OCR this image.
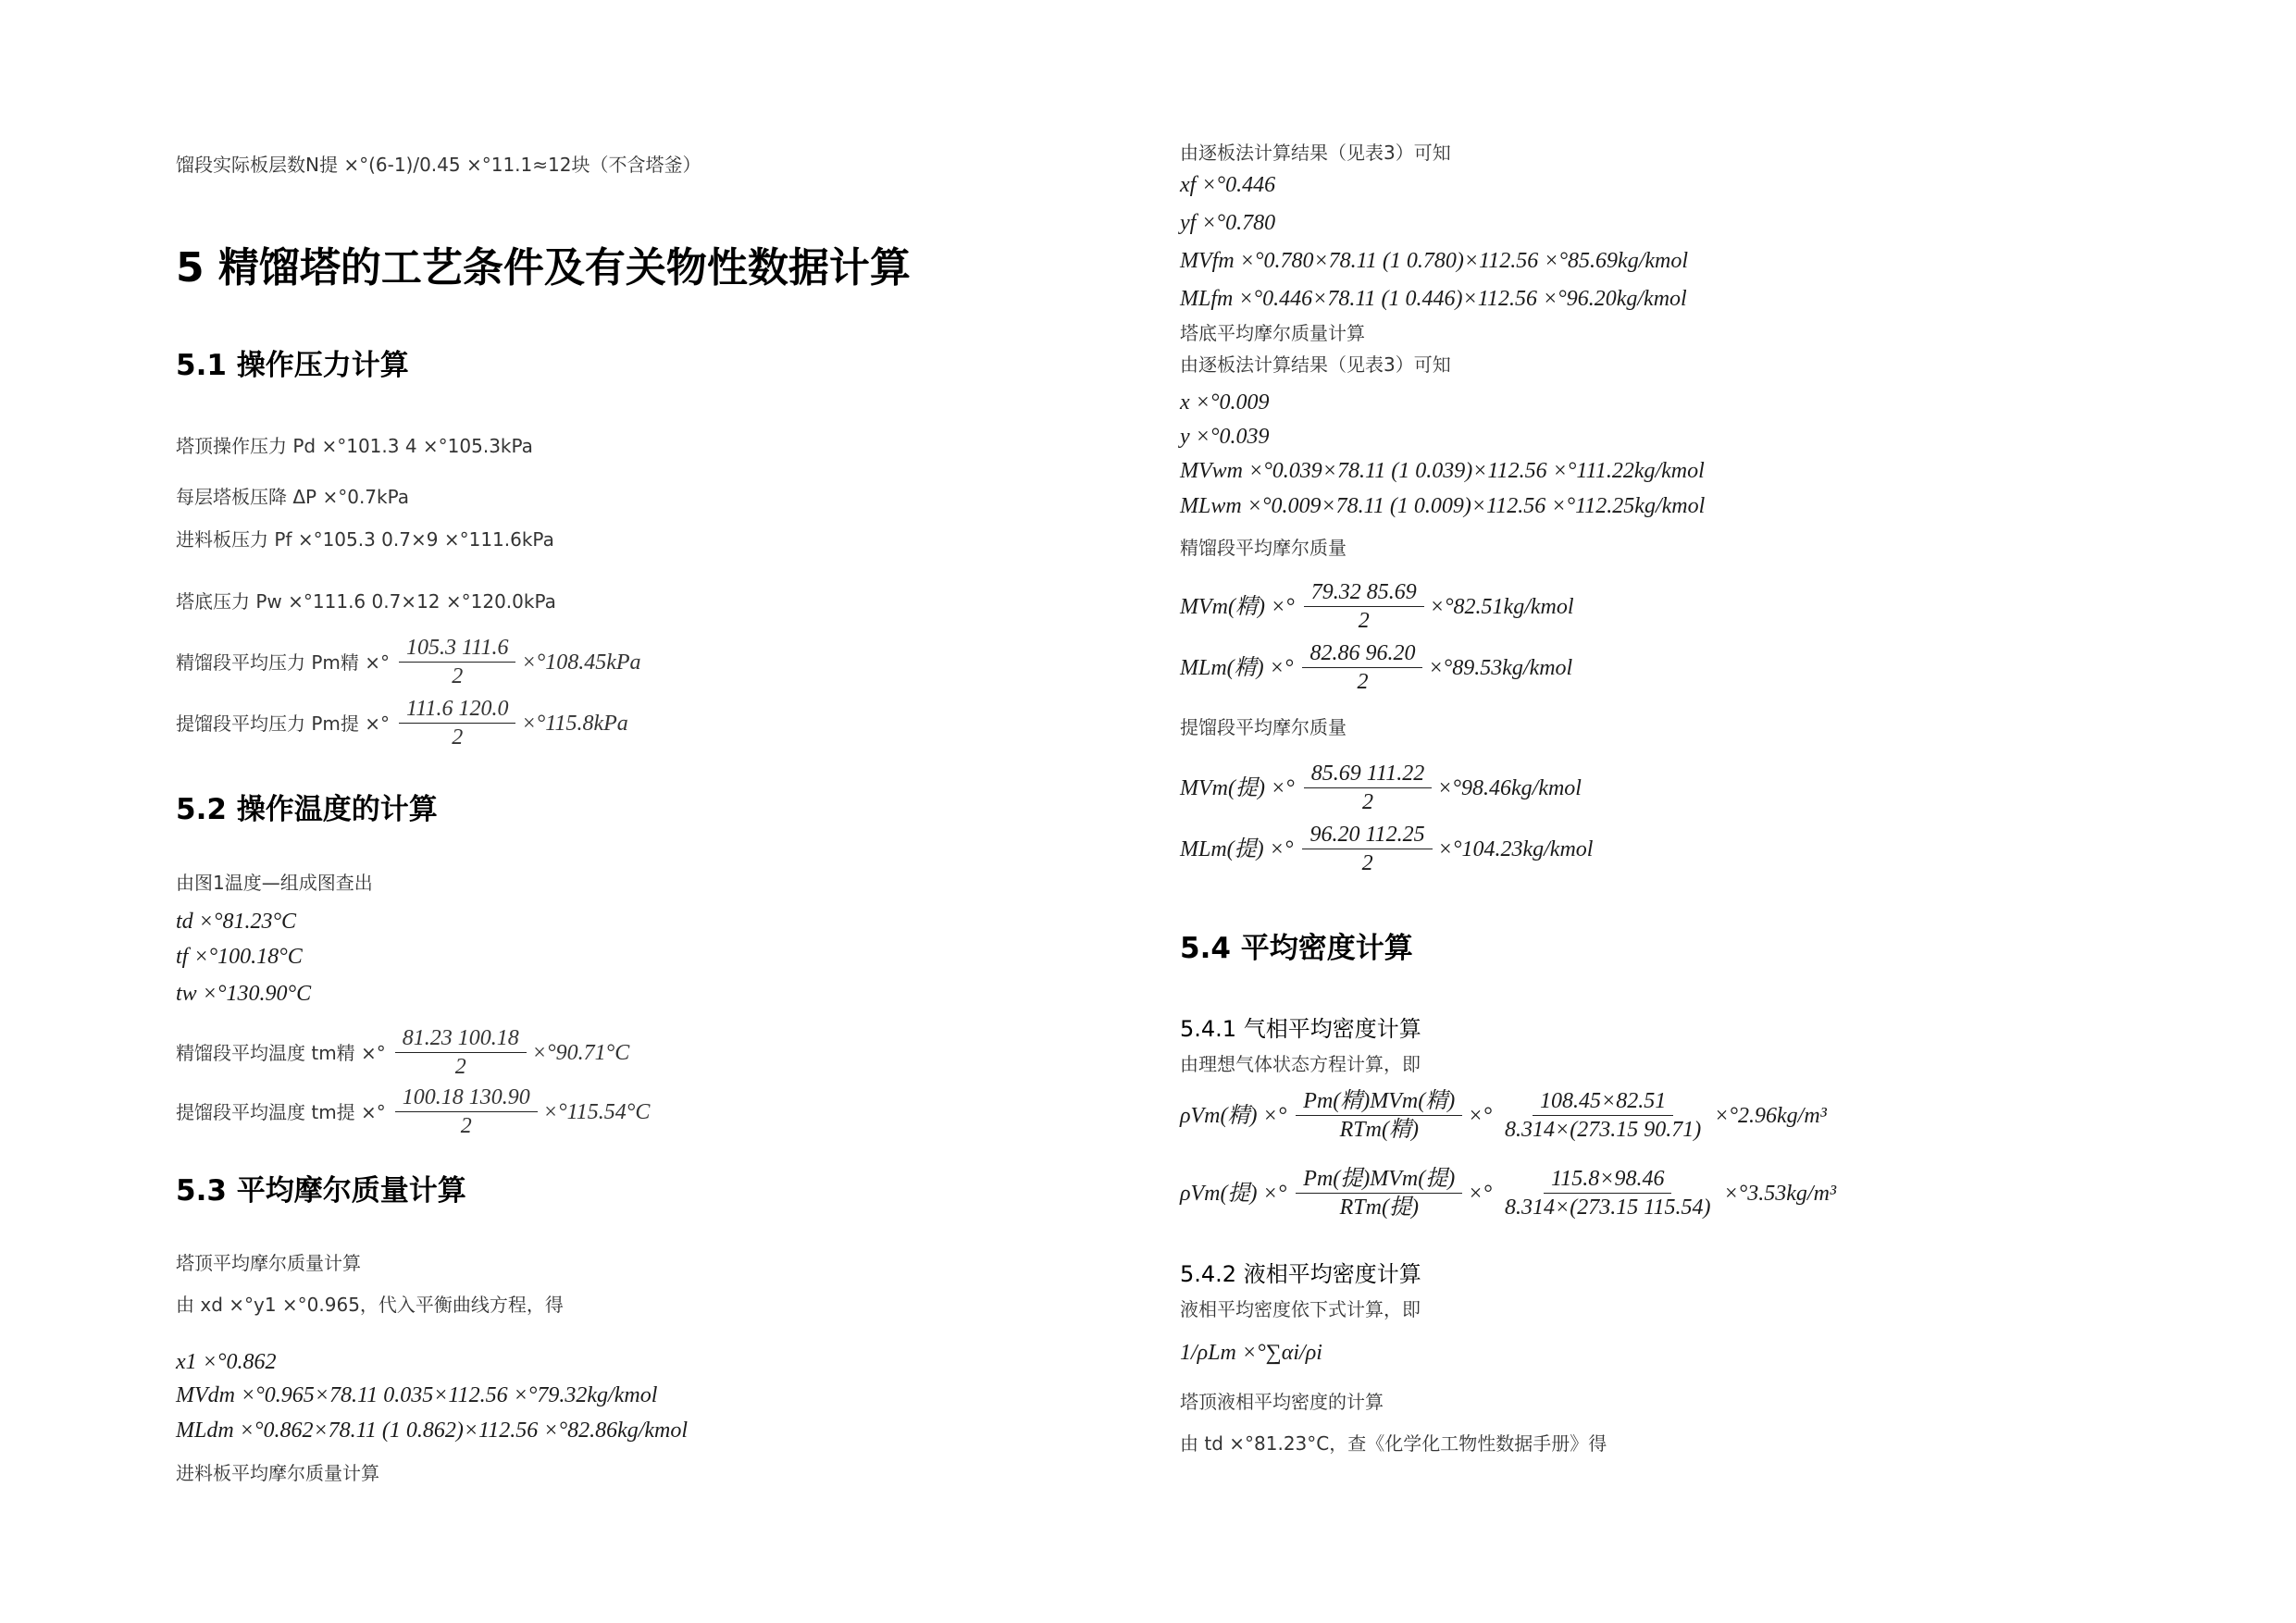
馏段实际板层数N提 ×°(6-1)/0.45 ×°11.1≈12块（不含塔釜）
5 精馏塔的工艺条件及有关物性数据计算
5.1 操作压力计算
塔顶操作压力 Pd ×°101.3 4 ×°105.3kPa
每层塔板压降 ΔP ×°0.7kPa
进料板压力 Pf ×°105.3 0.7×9 ×°111.6kPa
塔底压力 Pw ×°111.6 0.7×12 ×°120.0kPa
精馏段平均压力 Pm精 ×° $\frac{105.3 111.6}{2} \times^\circ 108.45kPa$
提馏段平均压力 Pm提 ×° $\frac{111.6 120.0}{2} \times^\circ 115.8kPa$
5.2 操作温度的计算
由图1温度—组成图查出
td ×°81.23°C
tf ×°100.18°C
tw ×°130.90°C
精馏段平均温度 tm精 ×° $\frac{81.23 100.18}{2} \times^\circ 90.71^\circ C$
提馏段平均温度 tm提 ×° $\frac{100.18 130.90}{2} \times^\circ 115.54^\circ C$
5.3 平均摩尔质量计算
塔顶平均摩尔质量计算
由 xd ×°y1 ×°0.965，代入平衡曲线方程，得
x1 ×°0.862
MVdm ×°0.965×78.11 0.035×112.56 ×°79.32kg/kmol
MLdm ×°0.862×78.11 (1 0.862)×112.56 ×°82.86kg/kmol
进料板平均摩尔质量计算
由逐板法计算结果（见表3）可知
xf ×°0.446
yf ×°0.780
MVfm ×°0.780×78.11 (1 0.780)×112.56 ×°85.69kg/kmol
MLfm ×°0.446×78.11 (1 0.446)×112.56 ×°96.20kg/kmol
塔底平均摩尔质量计算
由逐板法计算结果（见表3）可知
x ×°0.009
y ×°0.039
MVwm ×°0.039×78.11 (1 0.039)×112.56 ×°111.22kg/kmol
MLwm ×°0.009×78.11 (1 0.009)×112.56 ×°112.25kg/kmol
精馏段平均摩尔质量
MVm(精) ×° $\frac{79.32 85.69}{2}$ ×°82.51kg/kmol
MLm(精) ×° $\frac{82.86 96.20}{2}$ ×°89.53kg/kmol
提馏段平均摩尔质量
MVm(提) ×° $\frac{85.69 111.22}{2}$ ×°98.46kg/kmol
MLm(提) ×° $\frac{96.20 112.25}{2}$ ×°104.23kg/kmol
5.4 平均密度计算
5.4.1 气相平均密度计算
由理想气体状态方程计算，即
ρVm(精) ×° $\frac{\text{Pm(精)MVm(精)}}{\text{RTm(精)}}$ ×° $\frac{108.45\times 82.51}{8.314\times(273.15 90.71)} \times^\circ 2.96kg/m^3$
ρVm(提) ×° $\frac{\text{Pm(提)MVm(提)}}{\text{RTm(提)}}$ ×° $\frac{115.8\times 98.46}{8.314\times(273.15 115.54)} \times^\circ 3.53kg/m^3$
5.4.2 液相平均密度计算
液相平均密度依下式计算，即
1/ρLm ×°∑αi/ρi
塔顶液相平均密度的计算
由 td ×°81.23°C，查《化学化工物性数据手册》得
